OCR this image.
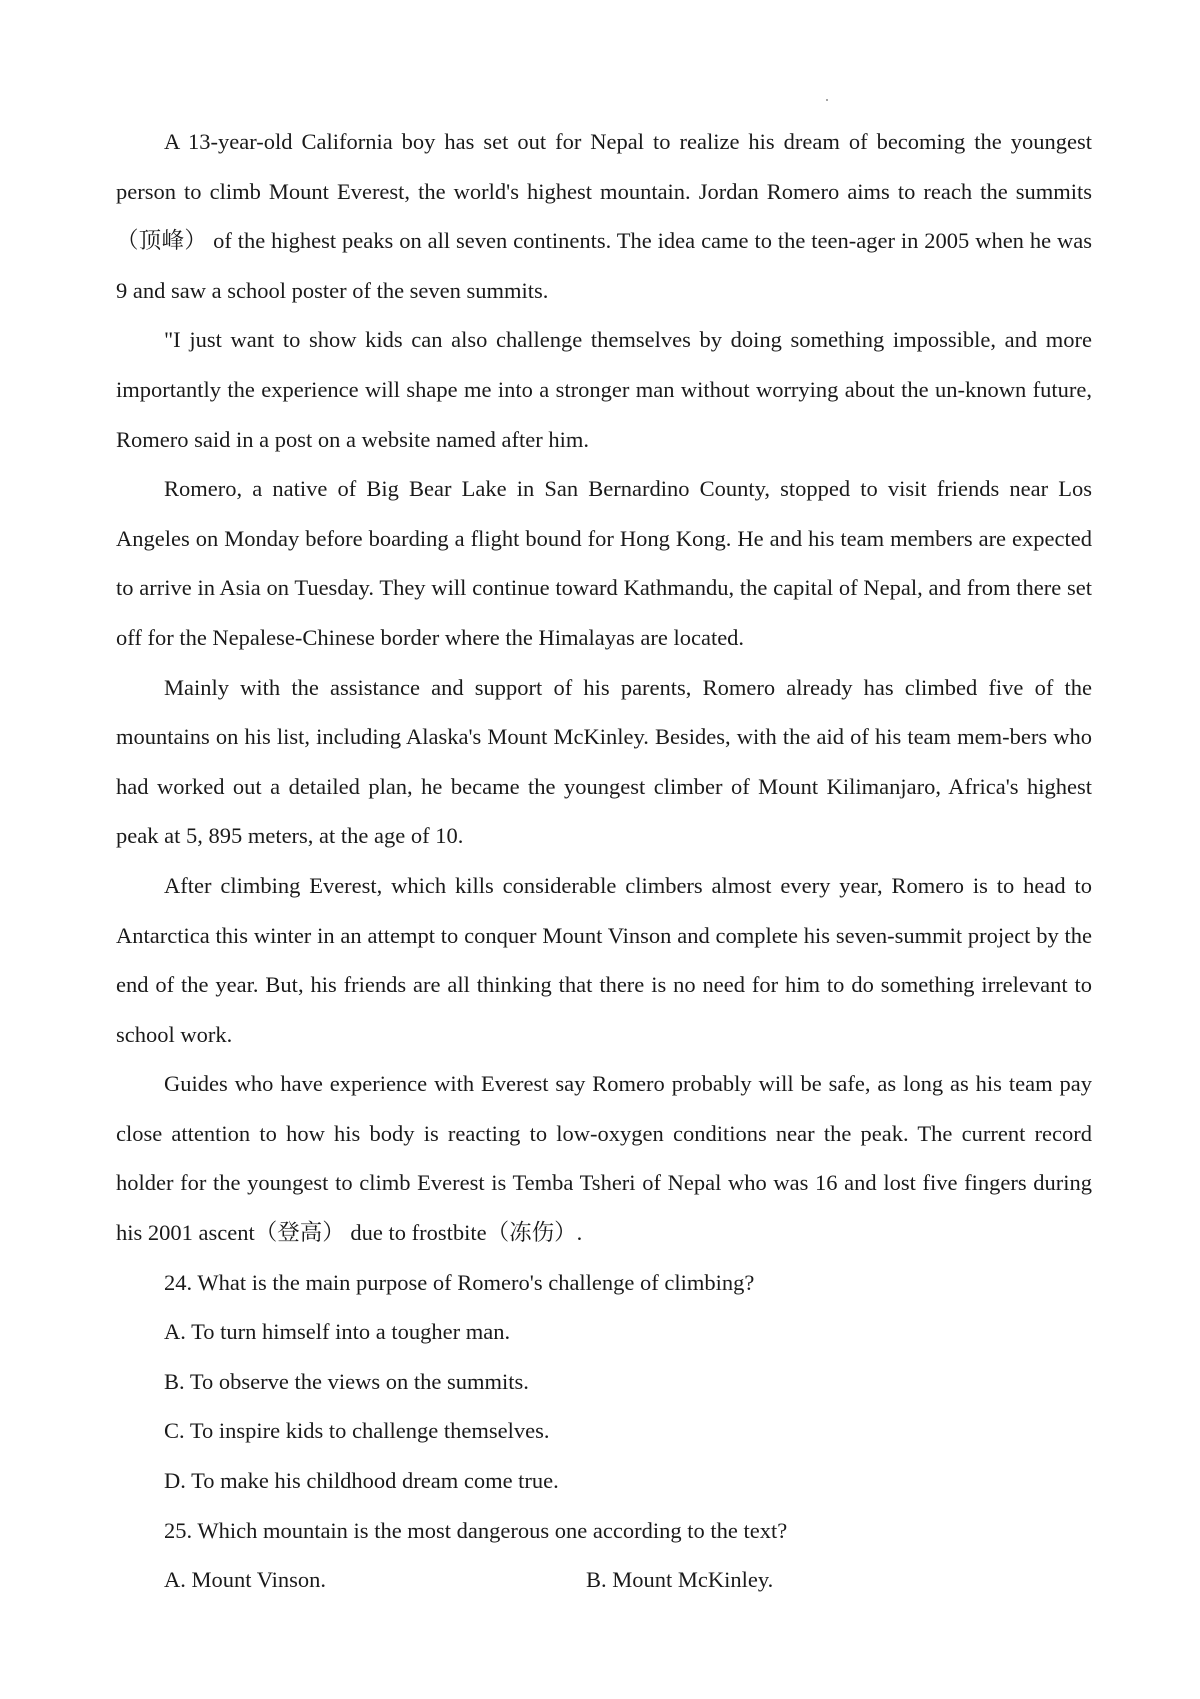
A 13-year-old California boy has set out for Nepal to realize his dream of becoming the youngest person to climb Mount Everest, the world's highest mountain. Jordan Romero aims to reach the summits（顶峰） of the highest peaks on all seven continents. The idea came to the teen-ager in 2005 when he was 9 and saw a school poster of the seven summits.

"I just want to show kids can also challenge themselves by doing something impossible, and more importantly the experience will shape me into a stronger man without worrying about the un-known future, Romero said in a post on a website named after him.

Romero, a native of Big Bear Lake in San Bernardino County, stopped to visit friends near Los Angeles on Monday before boarding a flight bound for Hong Kong. He and his team members are expected to arrive in Asia on Tuesday. They will continue toward Kathmandu, the capital of Nepal, and from there set off for the Nepalese-Chinese border where the Himalayas are located.

Mainly with the assistance and support of his parents, Romero already has climbed five of the mountains on his list, including Alaska's Mount McKinley. Besides, with the aid of his team mem-bers who had worked out a detailed plan, he became the youngest climber of Mount Kilimanjaro, Africa's highest peak at 5, 895 meters, at the age of 10.

After climbing Everest, which kills considerable climbers almost every year, Romero is to head to Antarctica this winter in an attempt to conquer Mount Vinson and complete his seven-summit project by the end of the year. But, his friends are all thinking that there is no need for him to do something irrelevant to school work.

Guides who have experience with Everest say Romero probably will be safe, as long as his team pay close attention to how his body is reacting to low-oxygen conditions near the peak. The current record holder for the youngest to climb Everest is Temba Tsheri of Nepal who was 16 and lost five fingers during his 2001 ascent（登高） due to frostbite（冻伤）.

24. What is the main purpose of Romero's challenge of climbing?

A. To turn himself into a tougher man.

B. To observe the views on the summits.

C. To inspire kids to challenge themselves.

D. To make his childhood dream come true.

25. Which mountain is the most dangerous one according to the text?

A. Mount Vinson.	B. Mount McKinley.
